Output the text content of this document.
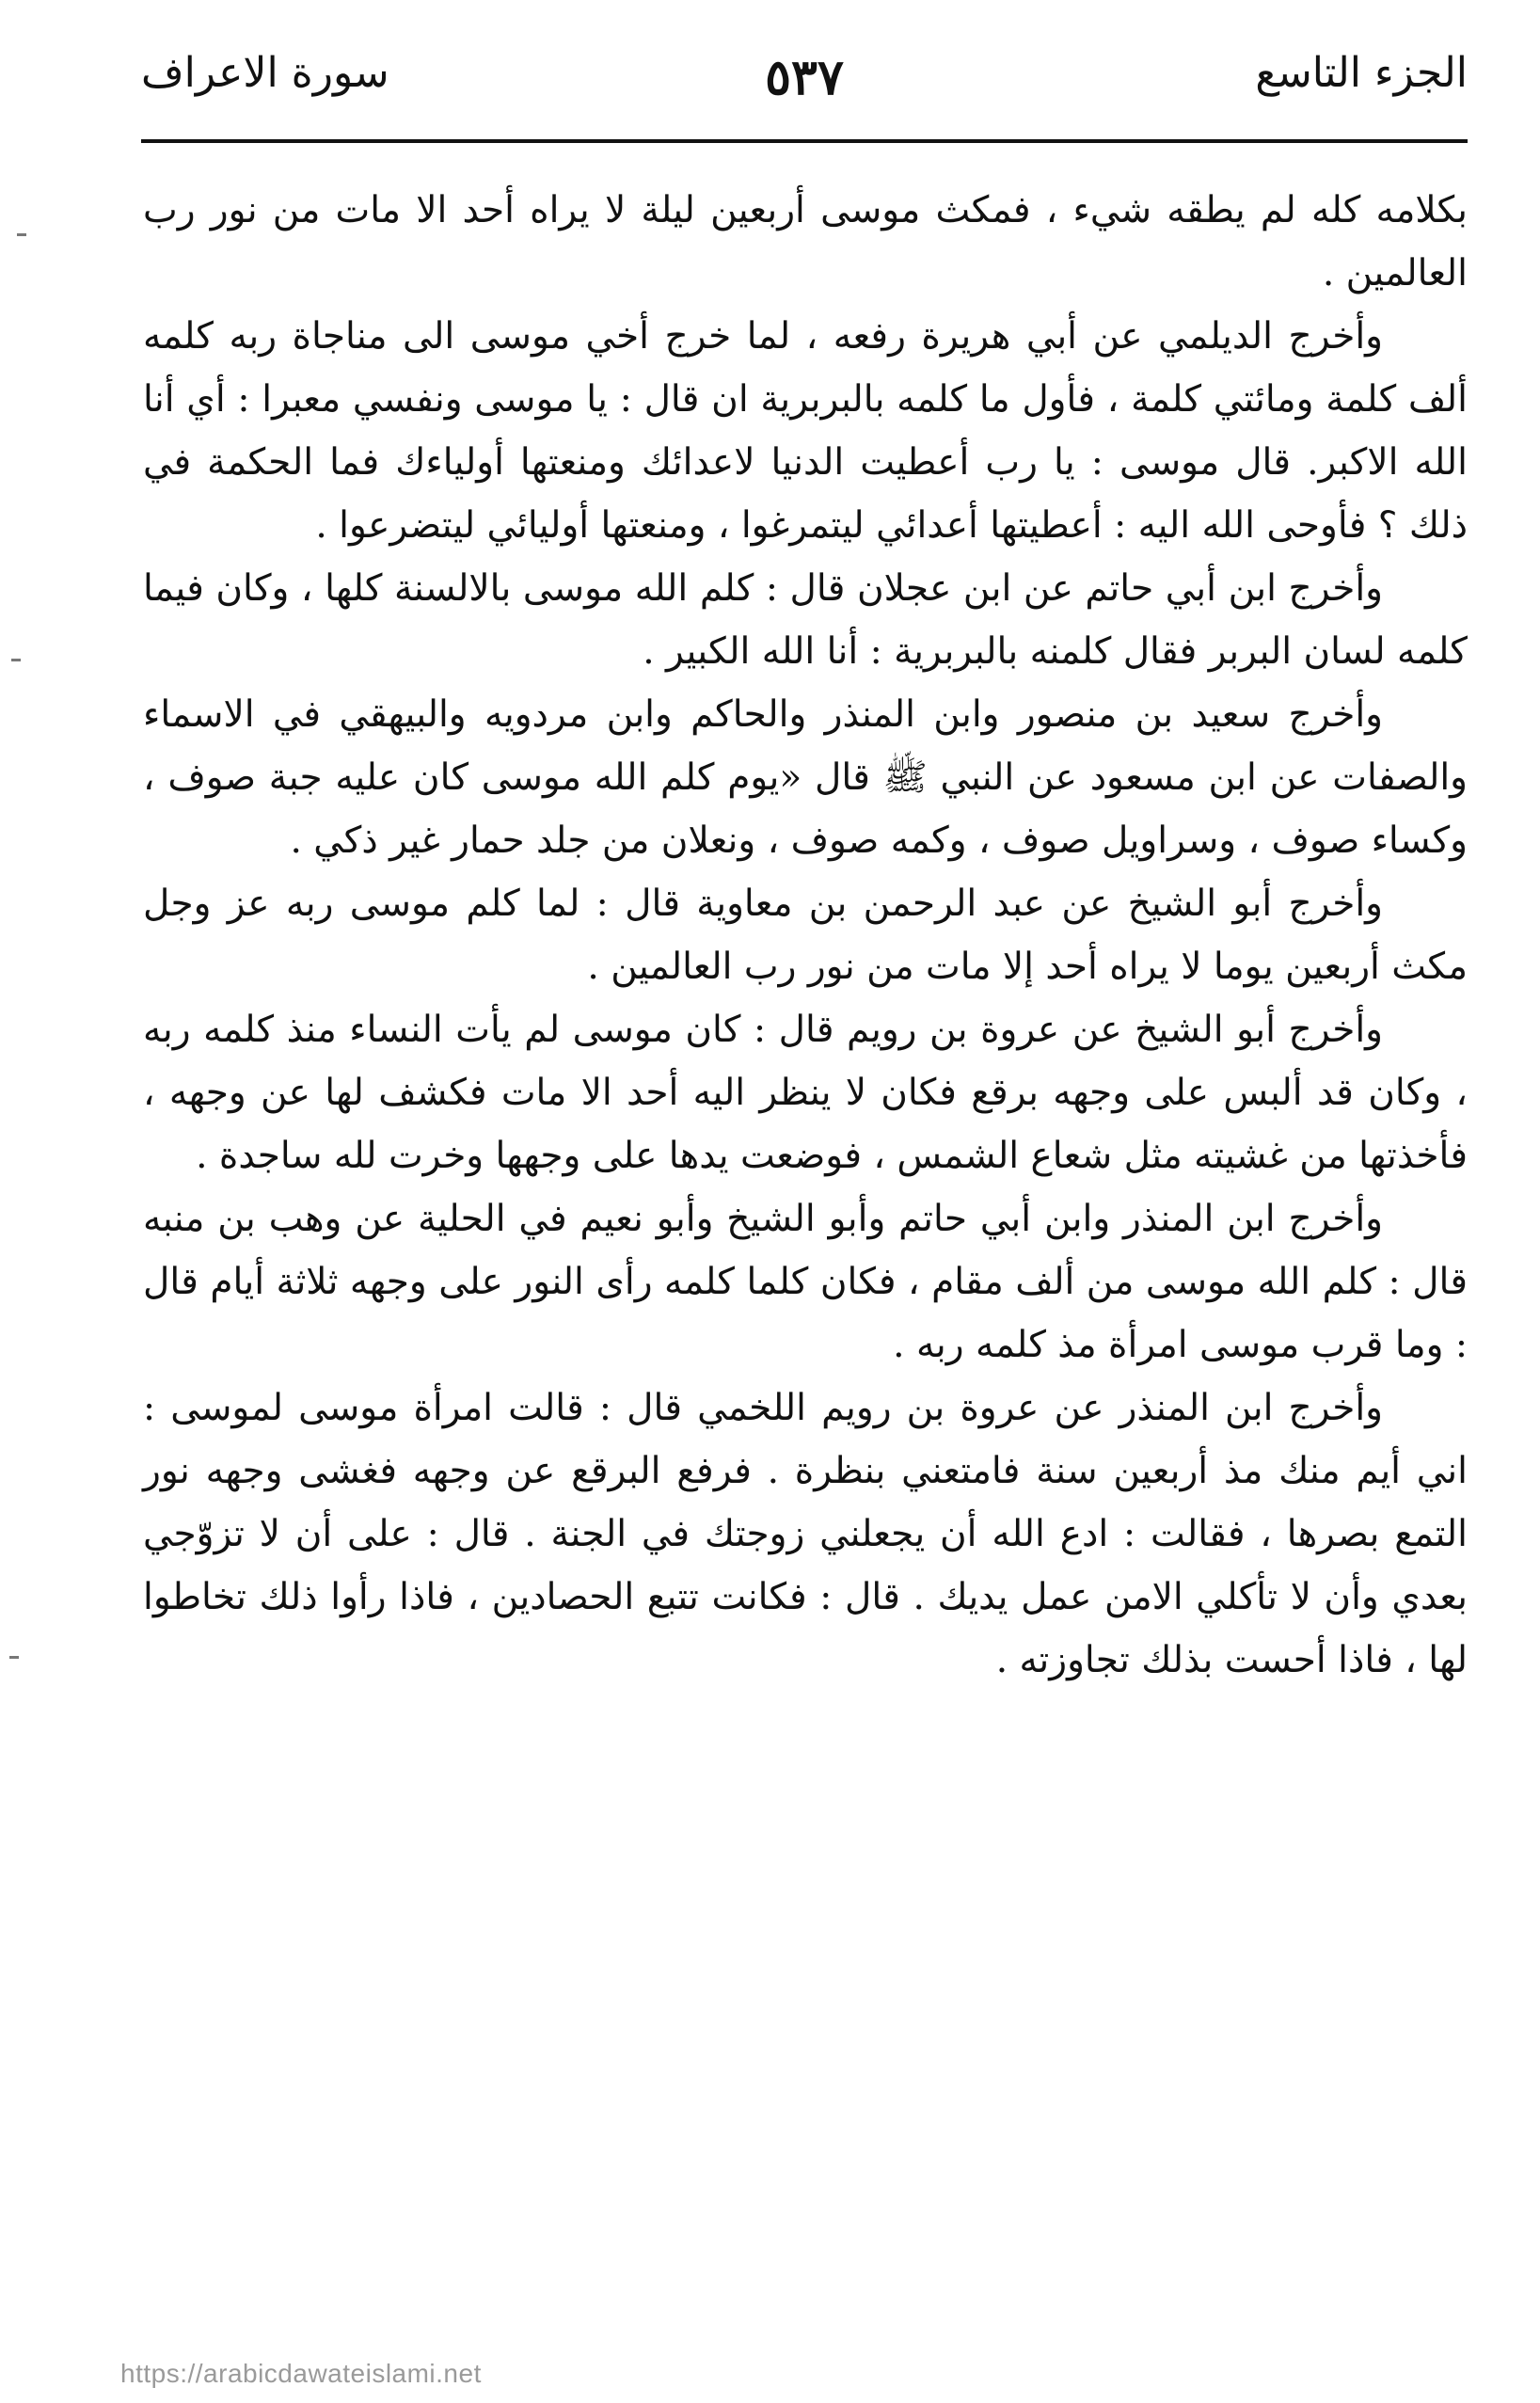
الجزء التاسع
٥٣٧
سورة الاعراف

بكلامه كله لم يطقه شيء ، فمكث موسى أربعين ليلة لا يراه أحد الا مات من نور رب العالمين .

وأخرج الديلمي عن أبي هريرة رفعه ، لما خرج أخي موسى الى مناجاة ربه كلمه ألف كلمة ومائتي كلمة ، فأول ما كلمه بالبربرية ان قال : يا موسى ونفسي معبرا : أي أنا الله الاكبر. قال موسى : يا رب أعطيت الدنيا لاعدائك ومنعتها أولياءك فما الحكمة في ذلك ؟ فأوحى الله اليه : أعطيتها أعدائي ليتمرغوا ، ومنعتها أوليائي ليتضرعوا .

وأخرج ابن أبي حاتم عن ابن عجلان قال : كلم الله موسى بالالسنة كلها ، وكان فيما كلمه لسان البربر فقال كلمنه بالبربرية : أنا الله الكبير .

وأخرج سعيد بن منصور وابن المنذر والحاكم وابن مردويه والبيهقي في الاسماء والصفات عن ابن مسعود عن النبي ﷺ قال «يوم كلم الله موسى كان عليه جبة صوف ، وكساء صوف ، وسراويل صوف ، وكمه صوف ، ونعلان من جلد حمار غير ذكي .

وأخرج أبو الشيخ عن عبد الرحمن بن معاوية قال : لما كلم موسى ربه عز وجل مكث أربعين يوما لا يراه أحد إلا مات من نور رب العالمين .

وأخرج أبو الشيخ عن عروة بن رويم قال : كان موسى لم يأت النساء منذ كلمه ربه ، وكان قد ألبس على وجهه برقع فكان لا ينظر اليه أحد الا مات فكشف لها عن وجهه ، فأخذتها من غشيته مثل شعاع الشمس ، فوضعت يدها على وجهها وخرت لله ساجدة .

وأخرج ابن المنذر وابن أبي حاتم وأبو الشيخ وأبو نعيم في الحلية عن وهب بن منبه قال : كلم الله موسى من ألف مقام ، فكان كلما كلمه رأى النور على وجهه ثلاثة أيام قال : وما قرب موسى امرأة مذ كلمه ربه .

وأخرج ابن المنذر عن عروة بن رويم اللخمي قال : قالت امرأة موسى لموسى : اني أيم منك مذ أربعين سنة فامتعني بنظرة . فرفع البرقع عن وجهه فغشى وجهه نور التمع بصرها ، فقالت : ادع الله أن يجعلني زوجتك في الجنة . قال : على أن لا تزوّجي بعدي وأن لا تأكلي الامن عمل يديك . قال : فكانت تتبع الحصادين ، فاذا رأوا ذلك تخاطوا لها ، فاذا أحست بذلك تجاوزته .

https://arabicdawateislami.net
